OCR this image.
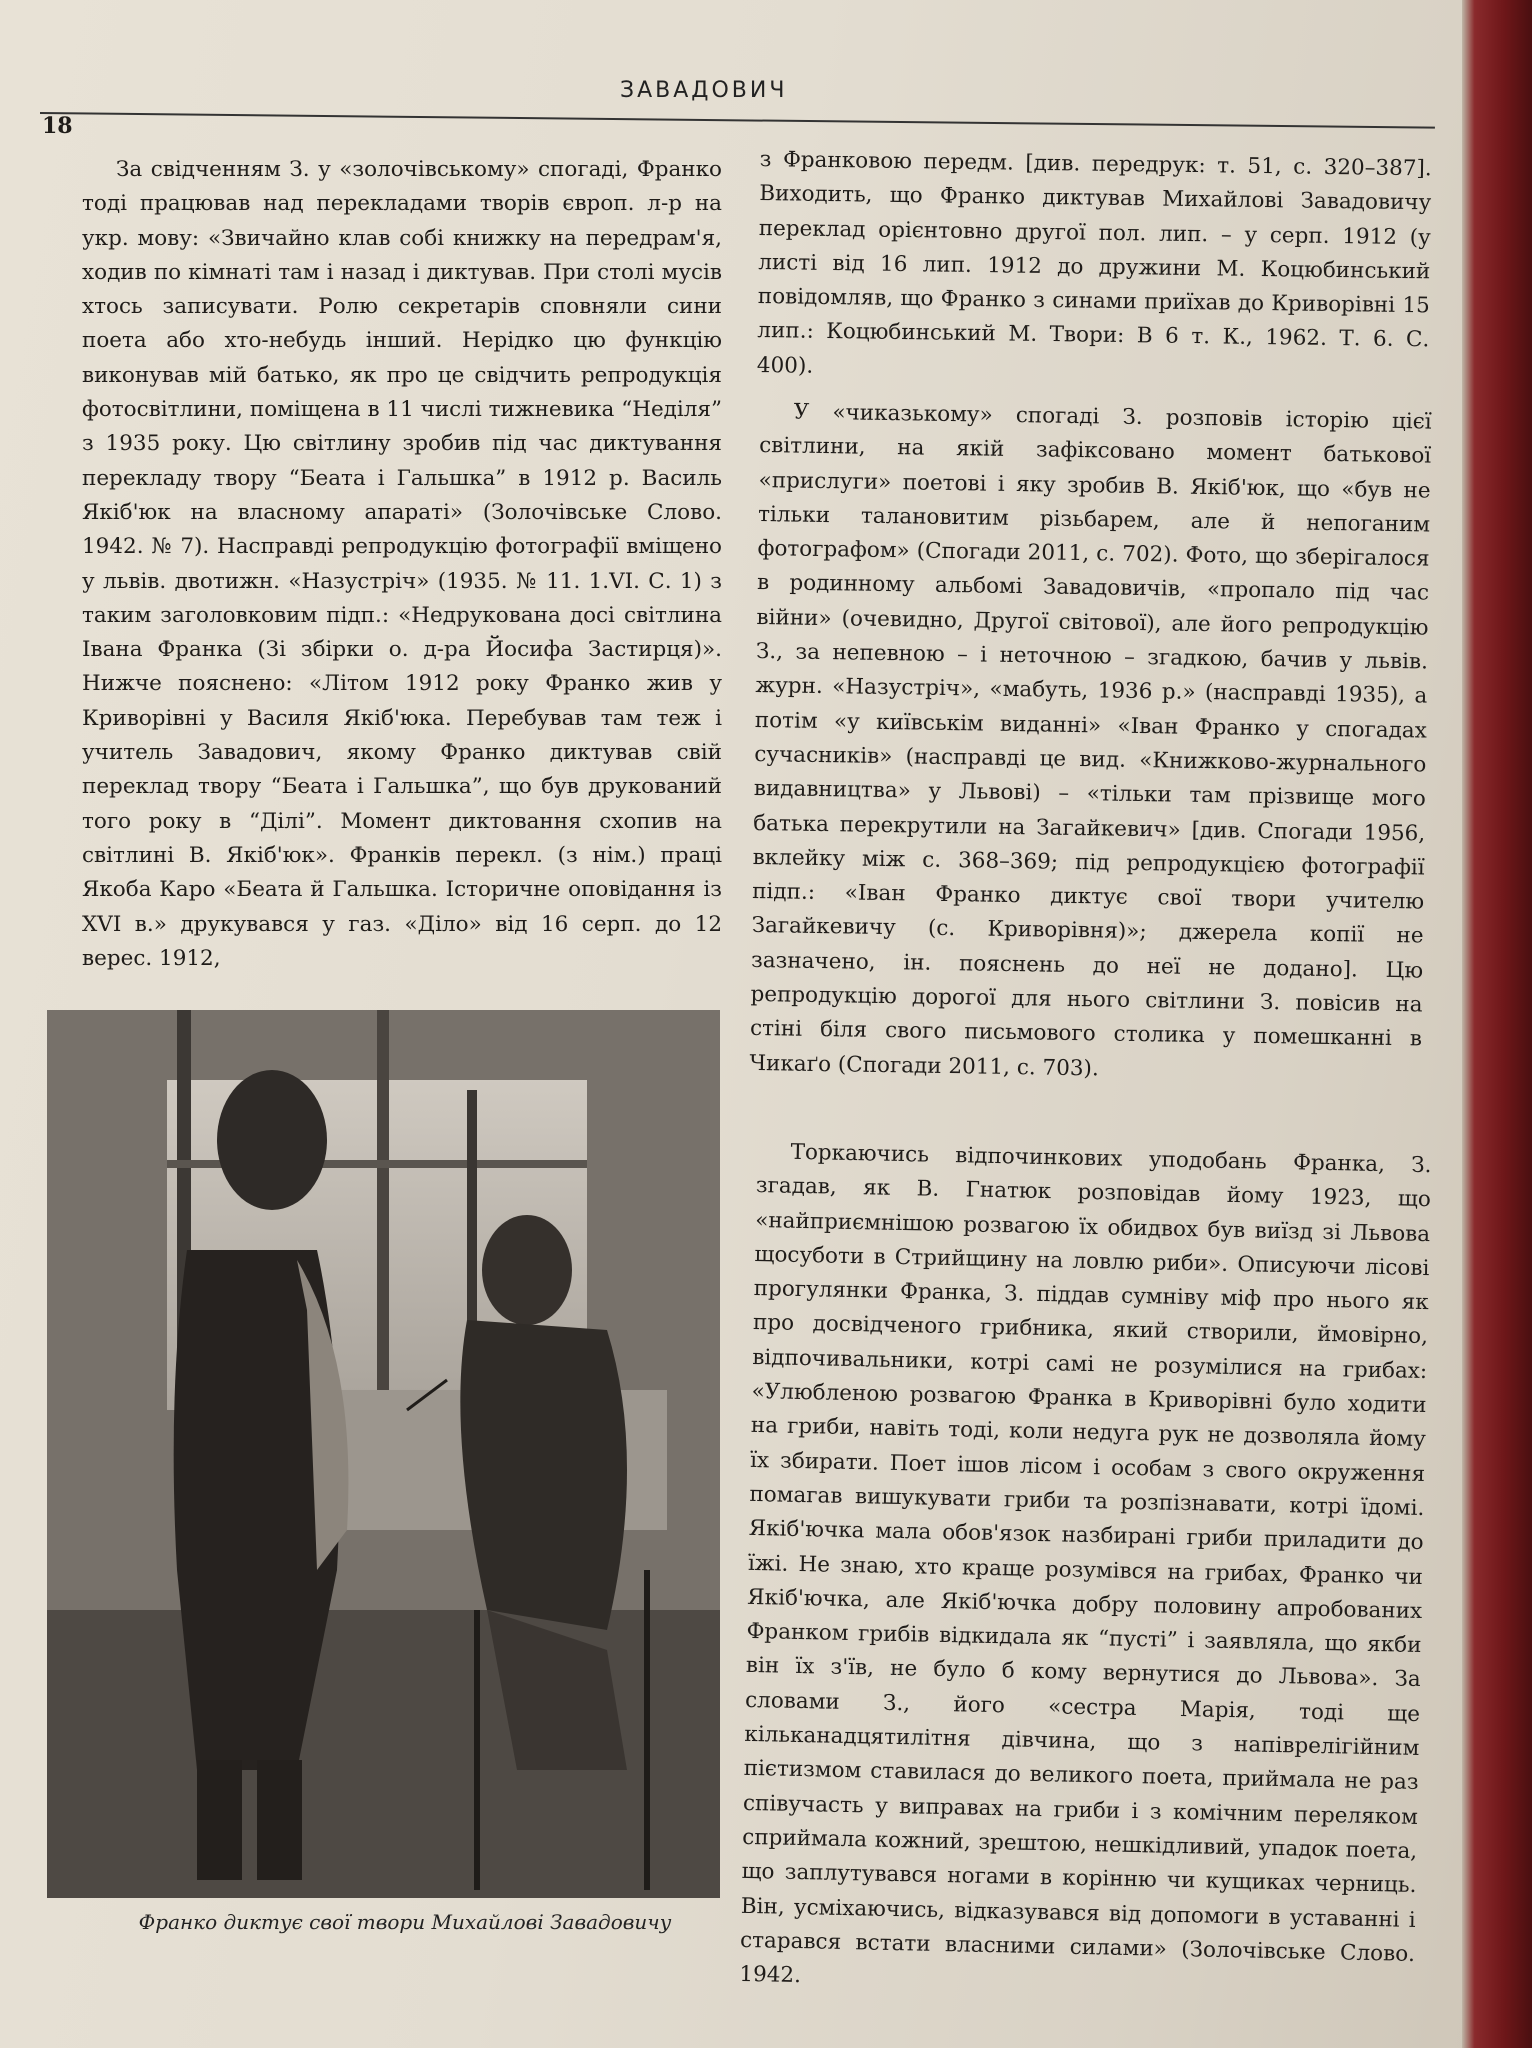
ЗАВАДОВИЧ
18

За свідченням З. у «золочівському» спогаді, Франко тоді працював над перекладами творів європ. л-р на укр. мову: «Звичайно клав собі книжку на передрам'я, ходив по кімнаті там і назад і диктував. При столі мусів хтось записувати. Ролю секретарів сповняли сини поета або хто-небудь інший. Нерідко цю функцію виконував мій батько, як про це свідчить репродукція фотосвітлини, поміщена в 11 числі тижневика “Неділя” з 1935 року. Цю світлину зробив під час диктування перекладу твору “Беата і Гальшка” в 1912 р. Василь Якіб'юк на власному апараті» (Золочівське Слово. 1942. № 7). Насправді репродукцію фотографії вміщено у львів. двотижн. «Назустріч» (1935. № 11. 1.VI. С. 1) з таким заголовковим підп.: «Недрукована досі світлина Івана Франка (Зі збірки о. д-ра Йосифа Застирця)». Нижче пояснено: «Літом 1912 року Франко жив у Криворівні у Василя Якіб'юка. Перебував там теж і учитель Завадович, якому Франко диктував свій переклад твору “Беата і Гальшка”, що був друкований того року в “Ділі”. Момент диктовання схопив на світлині В. Якіб'юк». Франків перекл. (з нім.) праці Якоба Каро «Беата й Гальшка. Історичне оповідання із XVI в.» друкувався у газ. «Діло» від 16 серп. до 12 верес. 1912,

Франко диктує свої твори Михайлові Завадовичу

з Франковою передм. [див. передрук: т. 51, с. 320–387]. Виходить, що Франко диктував Михайлові Завадовичу переклад орієнтовно другої пол. лип. – у серп. 1912 (у листі від 16 лип. 1912 до дружини М. Коцюбинський повідомляв, що Франко з синами приїхав до Криворівні 15 лип.: Коцюбинський М. Твори: В 6 т. К., 1962. Т. 6. С. 400).

У «чиказькому» спогаді З. розповів історію цієї світлини, на якій зафіксовано момент батькової «прислуги» поетові і яку зробив В. Якіб'юк, що «був не тільки талановитим різьбарем, але й непоганим фотографом» (Спогади 2011, с. 702). Фото, що зберігалося в родинному альбомі Завадовичів, «пропало під час війни» (очевидно, Другої світової), але його репродукцію З., за непевною – і неточною – згадкою, бачив у львів. журн. «Назустріч», «мабуть, 1936 р.» (насправді 1935), а потім «у київськім виданні» «Іван Франко у спогадах сучасників» (насправді це вид. «Книжково-журнального видавництва» у Львові) – «тільки там прізвище мого батька перекрутили на Загайкевич» [див. Спогади 1956, вклейку між с. 368–369; під репродукцією фотографії підп.: «Іван Франко диктує свої твори учителю Загайкевичу (с. Криворівня)»; джерела копії не зазначено, ін. пояснень до неї не додано]. Цю репродукцію дорогої для нього світлини З. повісив на стіні біля свого письмового столика у помешканні в Чикаґо (Спогади 2011, с. 703).

Торкаючись відпочинкових уподобань Франка, З. згадав, як В. Гнатюк розповідав йому 1923, що «найприємнішою розвагою їх обидвох був виїзд зі Львова щосуботи в Стрийщину на ловлю риби». Описуючи лісові прогулянки Франка, З. піддав сумніву міф про нього як про досвідченого грибника, який створили, ймовірно, відпочивальники, котрі самі не розумілися на грибах: «Улюбленою розвагою Франка в Криворівні було ходити на гриби, навіть тоді, коли недуга рук не дозволяла йому їх збирати. Поет ішов лісом і особам з свого окруження помагав вишукувати гриби та розпізнавати, котрі їдомі. Якіб'ючка мала обов'язок назбирані гриби приладити до їжі. Не знаю, хто краще розумівся на грибах, Франко чи Якіб'ючка, але Якіб'ючка добру половину апробованих Франком грибів відкидала як “пусті” і заявляла, що якби він їх з'їв, не було б кому вернутися до Львова». За словами З., його «сестра Марія, тоді ще кільканадцятилітня дівчина, що з напіврелігійним пієтизмом ставилася до великого поета, приймала не раз співучасть у виправах на гриби і з комічним переляком сприймала кожний, зрештою, нешкідливий, упадок поета, що заплутувався ногами в корінню чи кущиках черниць. Він, усміхаючись, відказувався від допомоги в уставанні і старався встати власними силами» (Золочівське Слово. 1942.
